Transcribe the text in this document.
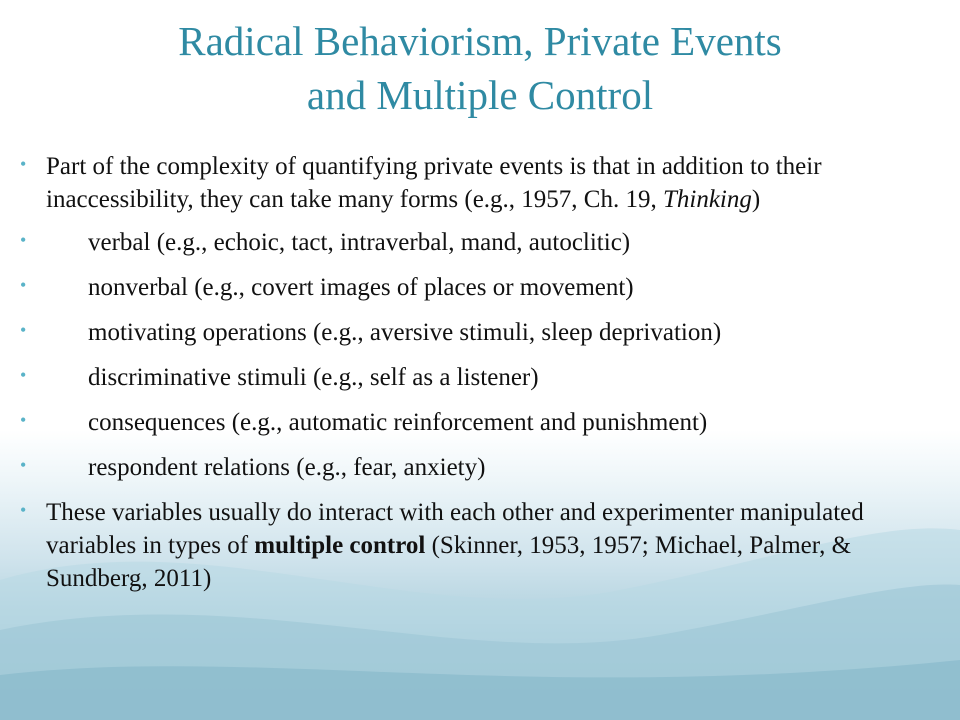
Radical Behaviorism, Private Events
and Multiple Control
• Part of the complexity of quantifying private events is that in addition to their inaccessibility, they can take many forms (e.g., 1957, Ch. 19, Thinking)
• verbal (e.g., echoic, tact, intraverbal, mand, autoclitic)
• nonverbal (e.g., covert images of places or movement)
• motivating operations (e.g., aversive stimuli, sleep deprivation)
• discriminative stimuli (e.g., self as a listener)
• consequences (e.g., automatic reinforcement and punishment)
• respondent relations (e.g., fear, anxiety)
• These variables usually do interact with each other and experimenter manipulated variables in types of multiple control (Skinner, 1953, 1957; Michael, Palmer, & Sundberg, 2011)
